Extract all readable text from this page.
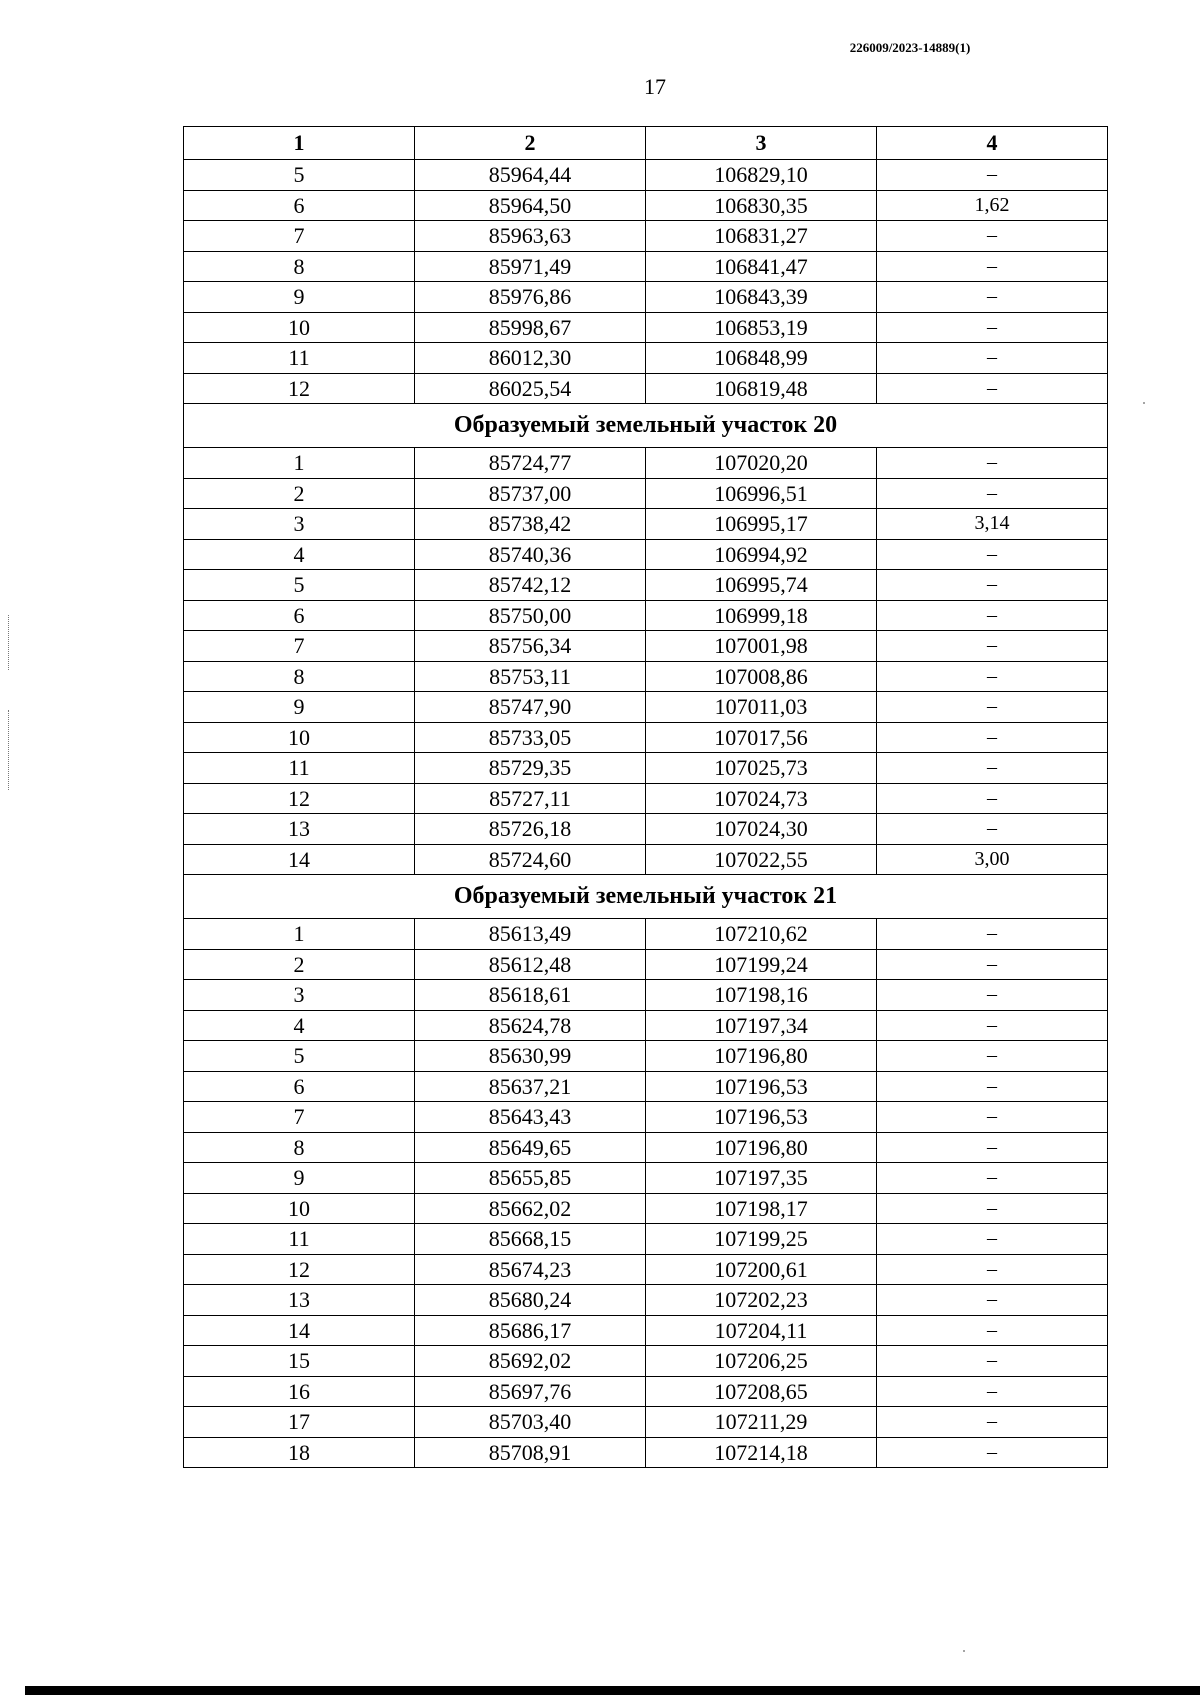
226009/2023-14889(1)
17
1	2	3	4
5	85964,44	106829,10	–
6	85964,50	106830,35	1,62
7	85963,63	106831,27	–
8	85971,49	106841,47	–
9	85976,86	106843,39	–
10	85998,67	106853,19	–
11	86012,30	106848,99	–
12	86025,54	106819,48	–
Образуемый земельный участок 20			
1	85724,77	107020,20	–
2	85737,00	106996,51	–
3	85738,42	106995,17	3,14
4	85740,36	106994,92	–
5	85742,12	106995,74	–
6	85750,00	106999,18	–
7	85756,34	107001,98	–
8	85753,11	107008,86	–
9	85747,90	107011,03	–
10	85733,05	107017,56	–
11	85729,35	107025,73	–
12	85727,11	107024,73	–
13	85726,18	107024,30	–
14	85724,60	107022,55	3,00
Образуемый земельный участок 21			
1	85613,49	107210,62	–
2	85612,48	107199,24	–
3	85618,61	107198,16	–
4	85624,78	107197,34	–
5	85630,99	107196,80	–
6	85637,21	107196,53	–
7	85643,43	107196,53	–
8	85649,65	107196,80	–
9	85655,85	107197,35	–
10	85662,02	107198,17	–
11	85668,15	107199,25	–
12	85674,23	107200,61	–
13	85680,24	107202,23	–
14	85686,17	107204,11	–
15	85692,02	107206,25	–
16	85697,76	107208,65	–
17	85703,40	107211,29	–
18	85708,91	107214,18	–
